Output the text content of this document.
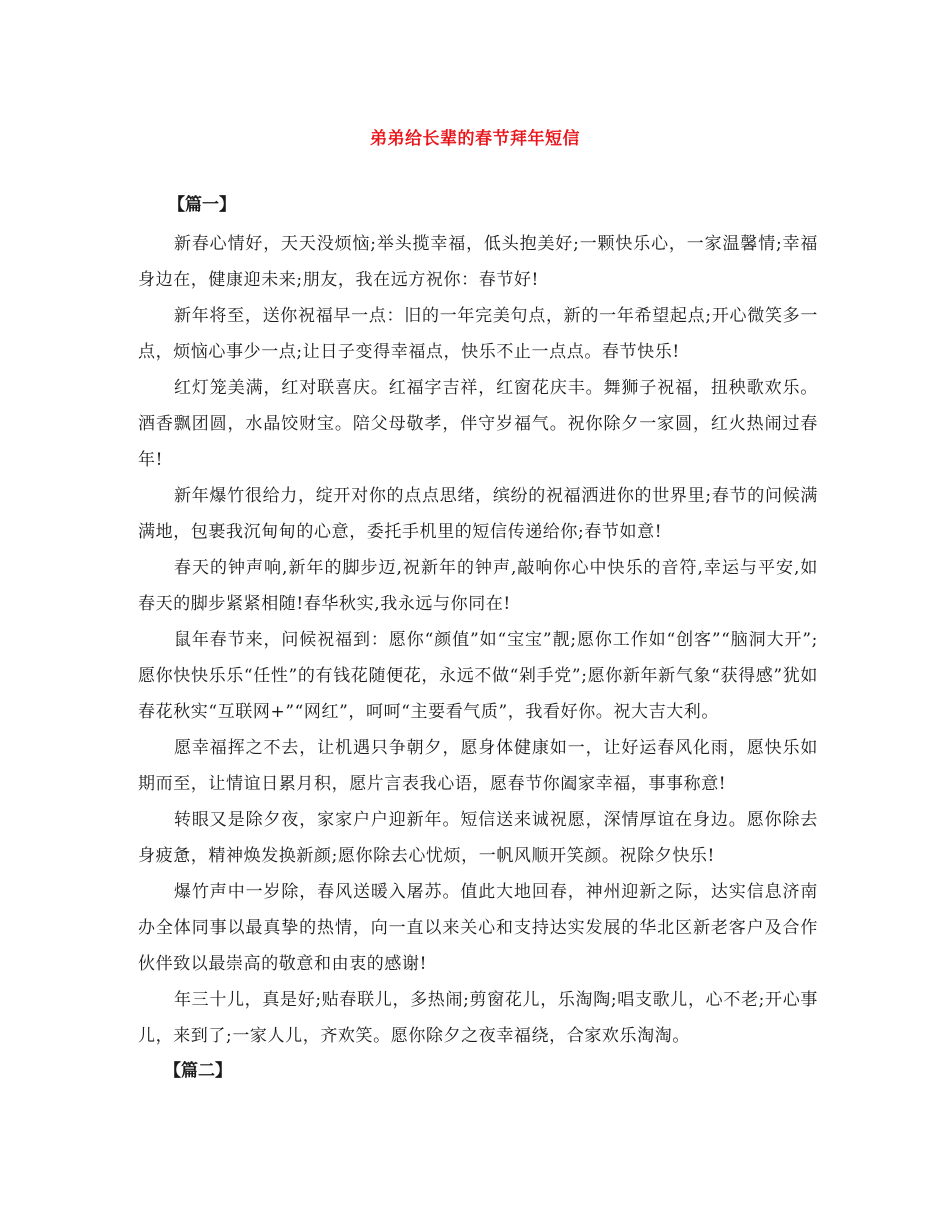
弟弟给长辈的春节拜年短信
【篇一】

新春心情好，天天没烦恼;举头揽幸福，低头抱美好;一颗快乐心，一家温馨情;幸福身边在，健康迎未来;朋友，我在远方祝你：春节好!

新年将至，送你祝福早一点：旧的一年完美句点，新的一年希望起点;开心微笑多一点，烦恼心事少一点;让日子变得幸福点，快乐不止一点点。春节快乐!

红灯笼美满，红对联喜庆。红福字吉祥，红窗花庆丰。舞狮子祝福，扭秧歌欢乐。酒香飘团圆，水晶饺财宝。陪父母敬孝，伴守岁福气。祝你除夕一家圆，红火热闹过春年!

新年爆竹很给力，绽开对你的点点思绪，缤纷的祝福洒进你的世界里;春节的问候满满地，包裹我沉甸甸的心意，委托手机里的短信传递给你;春节如意!

春天的钟声响,新年的脚步迈,祝新年的钟声,敲响你心中快乐的音符,幸运与平安,如春天的脚步紧紧相随!春华秋实,我永远与你同在!

鼠年春节来，问候祝福到：愿你“颜值”如“宝宝”靓;愿你工作如“创客”“脑洞大开”;愿你快快乐乐“任性”的有钱花随便花，永远不做“剁手党”;愿你新年新气象“获得感”犹如春花秋实“互联网+”“网红”，呵呵“主要看气质”，我看好你。祝大吉大利。

愿幸福挥之不去，让机遇只争朝夕，愿身体健康如一，让好运春风化雨，愿快乐如期而至，让情谊日累月积，愿片言表我心语，愿春节你阖家幸福，事事称意!

转眼又是除夕夜，家家户户迎新年。短信送来诚祝愿，深情厚谊在身边。愿你除去身疲惫，精神焕发换新颜;愿你除去心忧烦，一帆风顺开笑颜。祝除夕快乐!

爆竹声中一岁除，春风送暖入屠苏。值此大地回春，神州迎新之际，达实信息济南办全体同事以最真挚的热情，向一直以来关心和支持达实发展的华北区新老客户及合作伙伴致以最崇高的敬意和由衷的感谢!

年三十儿，真是好;贴春联儿，多热闹;剪窗花儿，乐淘陶;唱支歌儿，心不老;开心事儿，来到了;一家人儿，齐欢笑。愿你除夕之夜幸福绕，合家欢乐淘淘。

【篇二】
